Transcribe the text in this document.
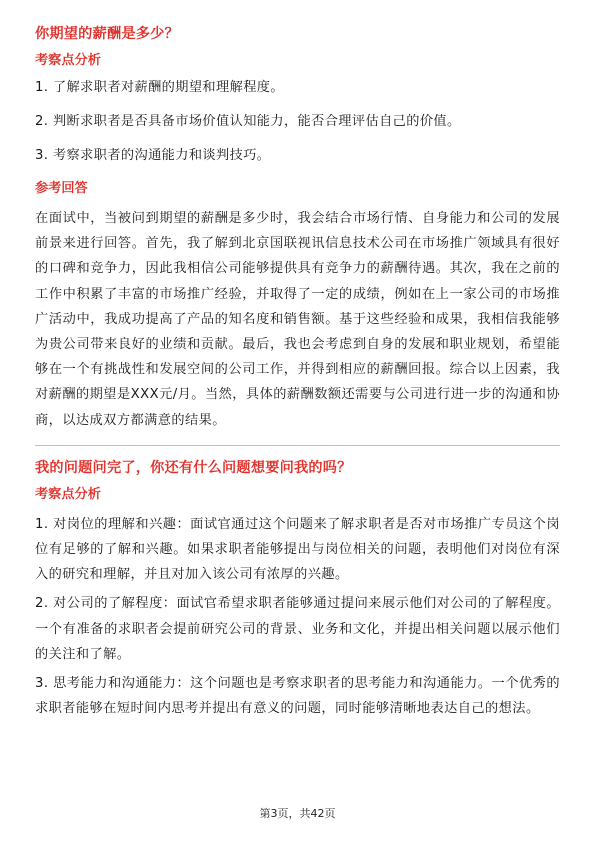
你期望的薪酬是多少？

考察点分析

1. 了解求职者对薪酬的期望和理解程度。

2. 判断求职者是否具备市场价值认知能力，能否合理评估自己的价值。

3. 考察求职者的沟通能力和谈判技巧。

参考回答

在面试中，当被问到期望的薪酬是多少时，我会结合市场行情、自身能力和公司的发展前景来进行回答。首先，我了解到北京国联视讯信息技术公司在市场推广领域具有很好的口碑和竞争力，因此我相信公司能够提供具有竞争力的薪酬待遇。其次，我在之前的工作中积累了丰富的市场推广经验，并取得了一定的成绩，例如在上一家公司的市场推广活动中，我成功提高了产品的知名度和销售额。基于这些经验和成果，我相信我能够为贵公司带来良好的业绩和贡献。最后，我也会考虑到自身的发展和职业规划，希望能够在一个有挑战性和发展空间的公司工作，并得到相应的薪酬回报。综合以上因素，我对薪酬的期望是XXX元/月。当然，具体的薪酬数额还需要与公司进行进一步的沟通和协商，以达成双方都满意的结果。

我的问题问完了，你还有什么问题想要问我的吗？

考察点分析

1. 对岗位的理解和兴趣：面试官通过这个问题来了解求职者是否对市场推广专员这个岗位有足够的了解和兴趣。如果求职者能够提出与岗位相关的问题，表明他们对岗位有深入的研究和理解，并且对加入该公司有浓厚的兴趣。

2. 对公司的了解程度：面试官希望求职者能够通过提问来展示他们对公司的了解程度。一个有准备的求职者会提前研究公司的背景、业务和文化，并提出相关问题以展示他们的关注和了解。

3. 思考能力和沟通能力：这个问题也是考察求职者的思考能力和沟通能力。一个优秀的求职者能够在短时间内思考并提出有意义的问题，同时能够清晰地表达自己的想法。

第3页，共42页
